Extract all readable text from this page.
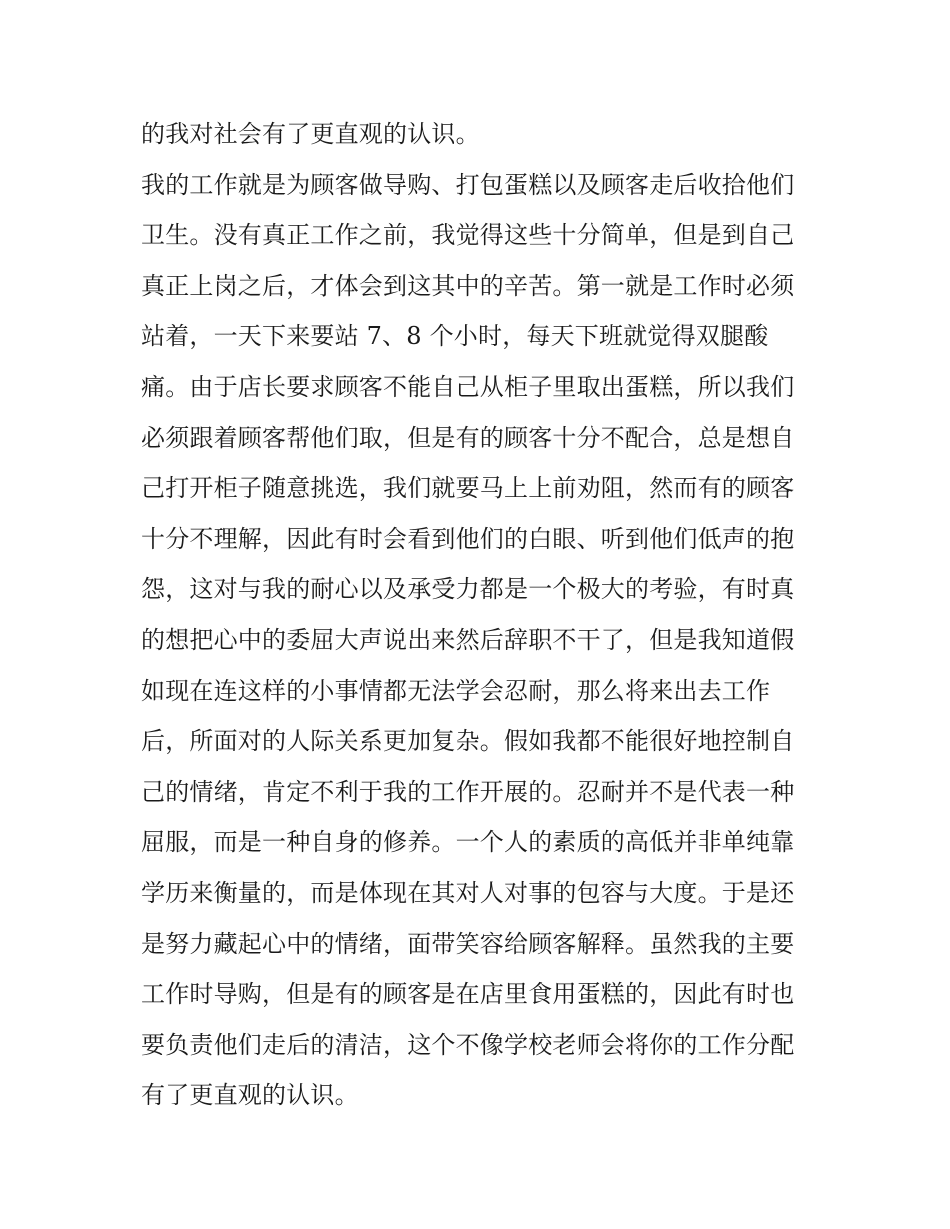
的我对社会有了更直观的认识。
我的工作就是为顾客做导购、打包蛋糕以及顾客走后收拾他们
卫生。没有真正工作之前，我觉得这些十分简单，但是到自己
真正上岗之后，才体会到这其中的辛苦。第一就是工作时必须
站着，一天下来要站 7、8 个小时，每天下班就觉得双腿酸
痛。由于店长要求顾客不能自己从柜子里取出蛋糕，所以我们
必须跟着顾客帮他们取，但是有的顾客十分不配合，总是想自
己打开柜子随意挑选，我们就要马上上前劝阻，然而有的顾客
十分不理解，因此有时会看到他们的白眼、听到他们低声的抱
怨，这对与我的耐心以及承受力都是一个极大的考验，有时真
的想把心中的委屈大声说出来然后辞职不干了，但是我知道假
如现在连这样的小事情都无法学会忍耐，那么将来出去工作
后，所面对的人际关系更加复杂。假如我都不能很好地控制自
己的情绪，肯定不利于我的工作开展的。忍耐并不是代表一种
屈服，而是一种自身的修养。一个人的素质的高低并非单纯靠
学历来衡量的，而是体现在其对人对事的包容与大度。于是还
是努力藏起心中的情绪，面带笑容给顾客解释。虽然我的主要
工作时导购，但是有的顾客是在店里食用蛋糕的，因此有时也
要负责他们走后的清洁，这个不像学校老师会将你的工作分配
有了更直观的认识。
